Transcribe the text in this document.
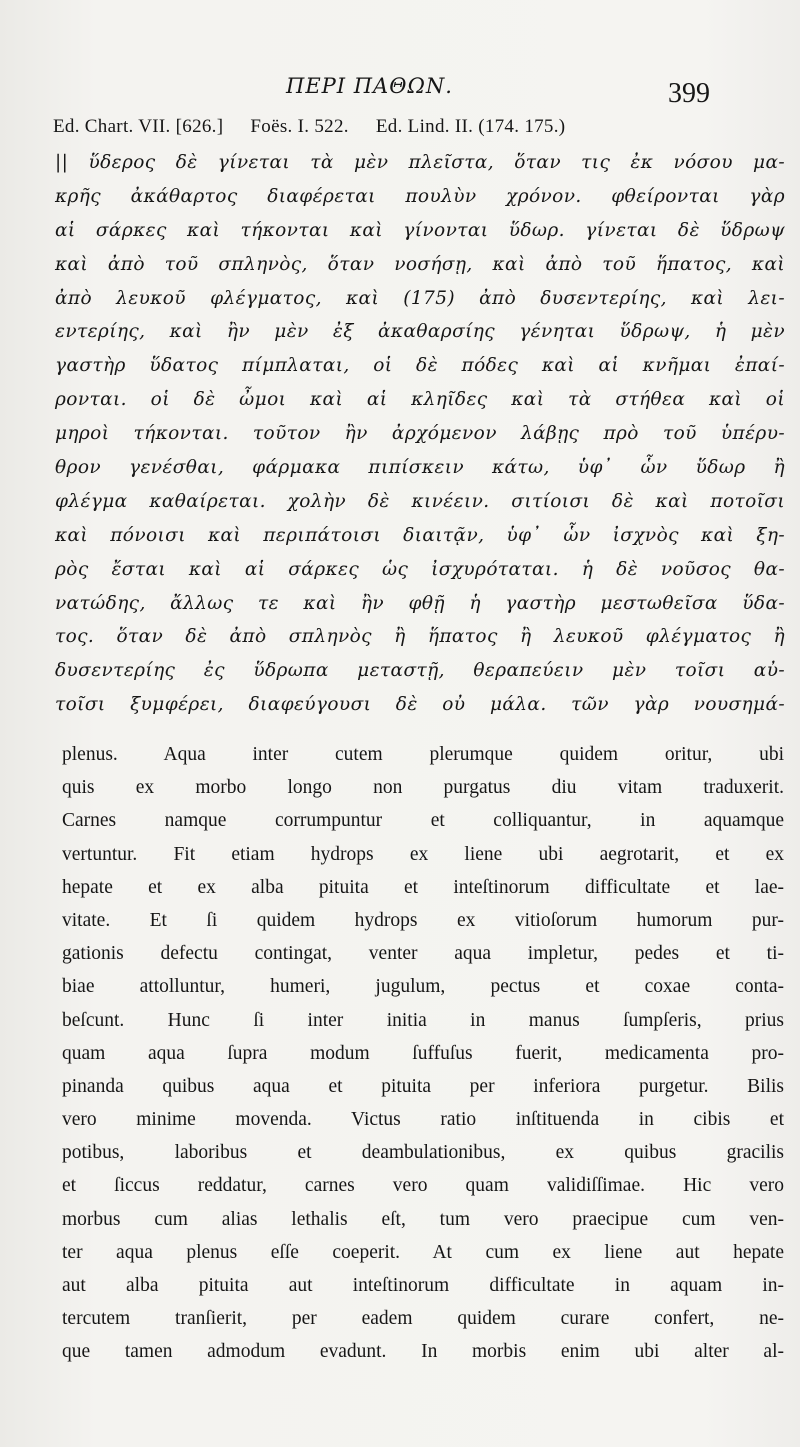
ΠΕΡΙ ΠΑΘΩΝ.	399
Ed. Chart. VII. [626.] Foës. I. 522. Ed. Lind. II. (174. 175.)
|| ὕδερος δὲ γίνεται τὰ μὲν πλεῖστα, ὅταν τις ἐκ νόσου μα-
κρῆς ἀκάθαρτος διαφέρεται πουλὺν χρόνον. φθείρονται γὰρ
αἱ σάρκες καὶ τήκονται καὶ γίνονται ὕδωρ. γίνεται δὲ ὕδρωψ
καὶ ἀπὸ τοῦ σπληνὸς, ὅταν νοσήσῃ, καὶ ἀπὸ τοῦ ἥπατος, καὶ
ἀπὸ λευκοῦ φλέγματος, καὶ (175) ἀπὸ δυσεντερίης, καὶ λει-
εντερίης, καὶ ἢν μὲν ἐξ ἀκαθαρσίης γένηται ὕδρωψ, ἡ μὲν
γαστὴρ ὕδατος πίμπλαται, οἱ δὲ πόδες καὶ αἱ κνῆμαι ἐπαί-
ρονται. οἱ δὲ ὦμοι καὶ αἱ κληῖδες καὶ τὰ στήθεα καὶ οἱ
μηροὶ τήκονται. τοῦτον ἢν ἀρχόμενον λάβῃς πρὸ τοῦ ὑπέρυ-
θρον γενέσθαι, φάρμακα πιπίσκειν κάτω, ὑφ᾽ ὧν ὕδωρ ἢ
φλέγμα καθαίρεται. χολὴν δὲ κινέειν. σιτίοισι δὲ καὶ ποτοῖσι
καὶ πόνοισι καὶ περιπάτοισι διαιτᾷν, ὑφ᾽ ὧν ἰσχνὸς καὶ ξη-
ρὸς ἔσται καὶ αἱ σάρκες ὡς ἰσχυρόταται. ἡ δὲ νοῦσος θα-
νατώδης, ἄλλως τε καὶ ἢν φθῇ ἡ γαστὴρ μεστωθεῖσα ὕδα-
τος. ὅταν δὲ ἀπὸ σπληνὸς ἢ ἥπατος ἢ λευκοῦ φλέγματος ἢ
δυσεντερίης ἐς ὕδρωπα μεταστῇ, θεραπεύειν μὲν τοῖσι αὐ-
τοῖσι ξυμφέρει, διαφεύγουσι δὲ οὐ μάλα. τῶν γὰρ νουσημά-
plenus. Aqua inter cutem plerumque quidem oritur, ubi
quis ex morbo longo non purgatus diu vitam traduxerit.
Carnes namque corrumpuntur et colliquantur, in aquamque
vertuntur. Fit etiam hydrops ex liene ubi aegrotarit, et ex
hepate et ex alba pituita et inteſtinorum difficultate et lae-
vitate. Et ſi quidem hydrops ex vitioſorum humorum pur-
gationis defectu contingat, venter aqua impletur, pedes et ti-
biae attolluntur, humeri, jugulum, pectus et coxae conta-
beſcunt. Hunc ſi inter initia in manus ſumpſeris, prius
quam aqua ſupra modum ſuffuſus fuerit, medicamenta pro-
pinanda quibus aqua et pituita per inferiora purgetur. Bilis
vero minime movenda. Victus ratio inſtituenda in cibis et
potibus, laboribus et deambulationibus, ex quibus gracilis
et ſiccus reddatur, carnes vero quam validiſſimae. Hic vero
morbus cum alias lethalis eſt, tum vero praecipue cum ven-
ter aqua plenus eſſe coeperit. At cum ex liene aut hepate
aut alba pituita aut inteſtinorum difficultate in aquam in-
tercutem tranſierit, per eadem quidem curare confert, ne-
que tamen admodum evadunt. In morbis enim ubi alter al-
